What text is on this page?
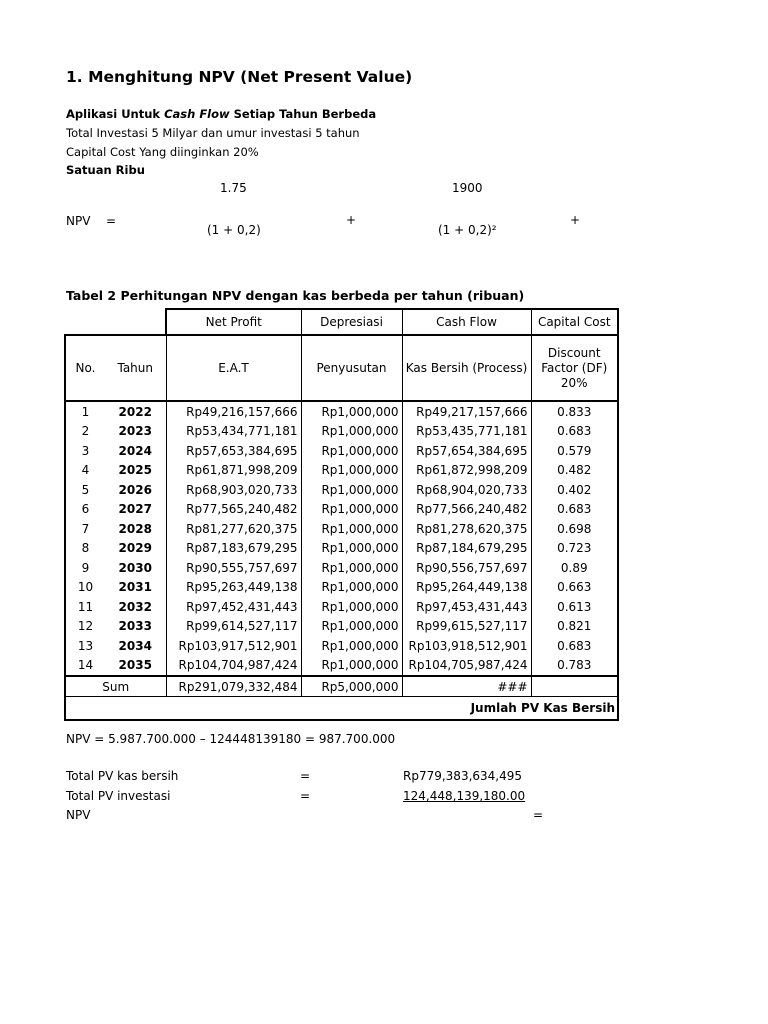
1. Menghitung NPV (Net Present Value)
Aplikasi Untuk Cash Flow Setiap Tahun Berbeda
Total Investasi 5 Milyar dan umur investasi 5 tahun
Capital Cost Yang diinginkan 20%
Satuan Ribu
1.75	1900
NPV =	+	+
(1 + 0,2)	(1 + 0,2)²
Tabel 2 Perhitungan NPV dengan kas berbeda per tahun (ribuan)
		Net Profit	Depresiasi	Cash Flow	Capital Cost
No.	Tahun	E.A.T	Penyusutan	Kas Bersih (Process)	Discount
Factor (DF)
20%

1	2022	Rp49,216,157,666	Rp1,000,000	Rp49,217,157,666	0.833
2	2023	Rp53,434,771,181	Rp1,000,000	Rp53,435,771,181	0.683
3	2024	Rp57,653,384,695	Rp1,000,000	Rp57,654,384,695	0.579
4	2025	Rp61,871,998,209	Rp1,000,000	Rp61,872,998,209	0.482
5	2026	Rp68,903,020,733	Rp1,000,000	Rp68,904,020,733	0.402
6	2027	Rp77,565,240,482	Rp1,000,000	Rp77,566,240,482	0.683
7	2028	Rp81,277,620,375	Rp1,000,000	Rp81,278,620,375	0.698
8	2029	Rp87,183,679,295	Rp1,000,000	Rp87,184,679,295	0.723
9	2030	Rp90,555,757,697	Rp1,000,000	Rp90,556,757,697	0.89
10	2031	Rp95,263,449,138	Rp1,000,000	Rp95,264,449,138	0.663
11	2032	Rp97,452,431,443	Rp1,000,000	Rp97,453,431,443	0.613
12	2033	Rp99,614,527,117	Rp1,000,000	Rp99,615,527,117	0.821
13	2034	Rp103,917,512,901	Rp1,000,000	Rp103,918,512,901	0.683
14	2035	Rp104,704,987,424	Rp1,000,000	Rp104,705,987,424	0.783
Sum		Rp291,079,332,484	Rp5,000,000	###	
Jumlah PV Kas Bersih					
NPV = 5.987.700.000 – 124448139180 = 987.700.000
Total PV kas bersih	=	Rp779,383,634,495
Total PV investasi	=	124,448,139,180.00
NPV	=
